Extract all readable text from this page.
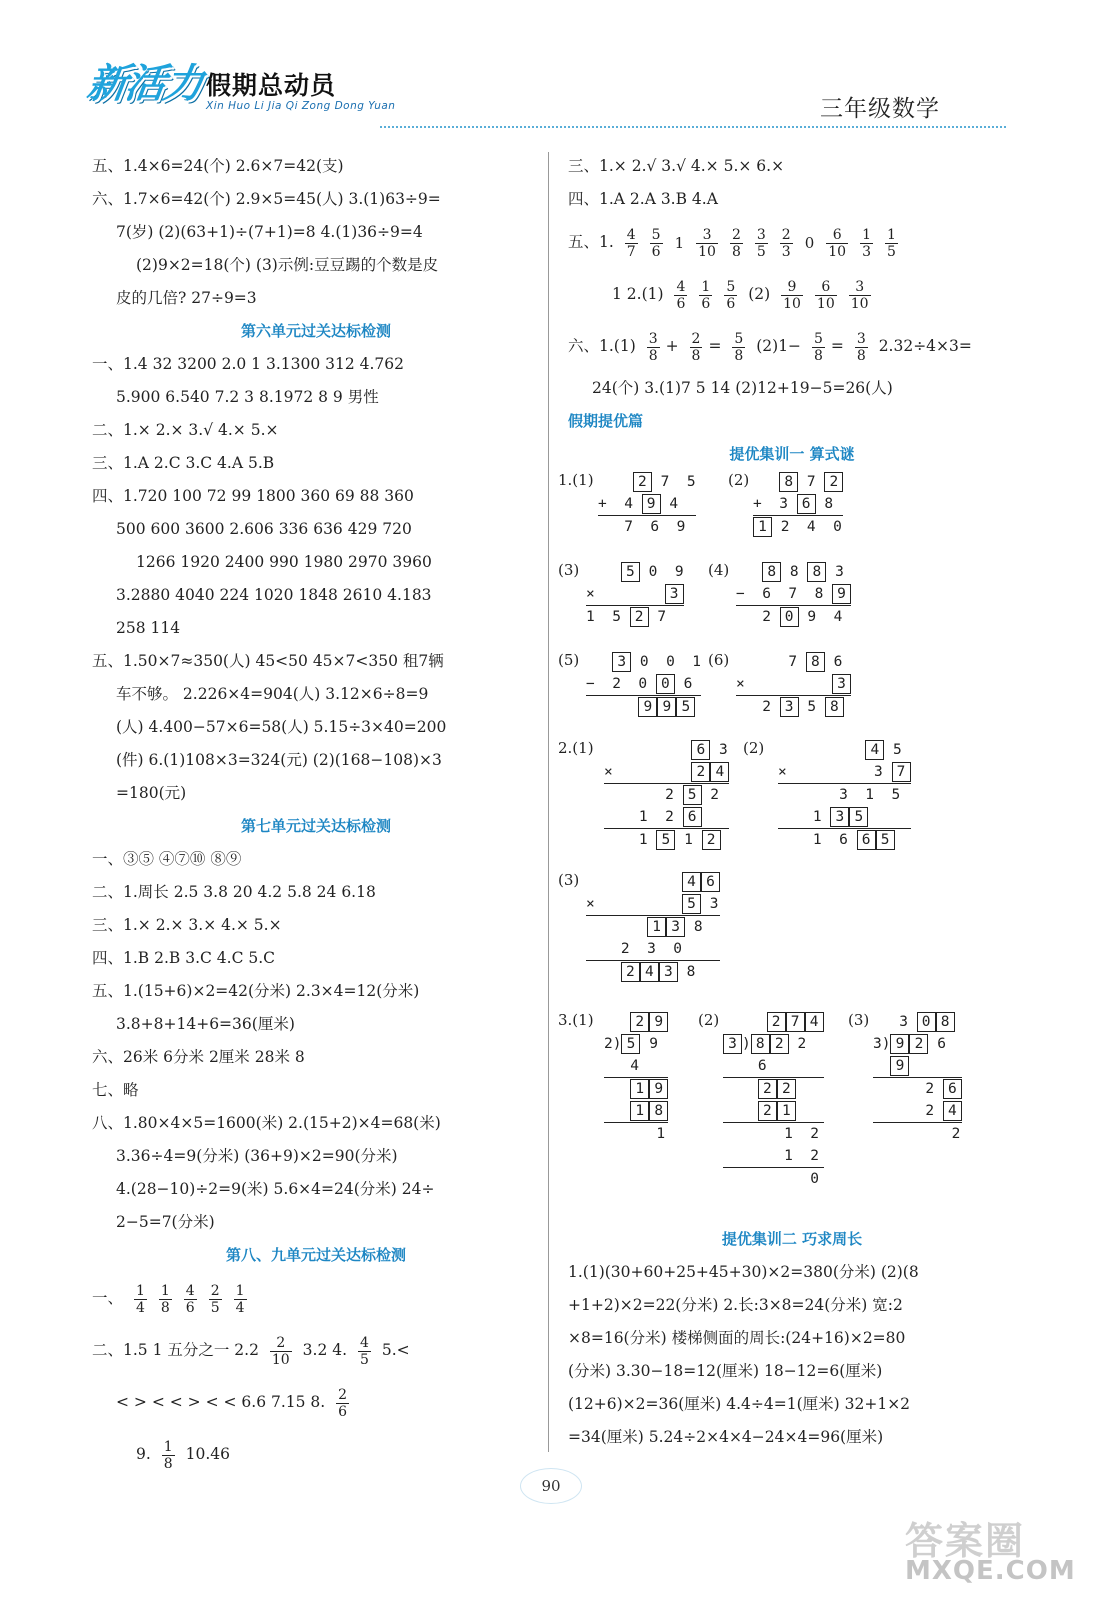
新活力 假期总动员
Xin Huo Li Jia Qi Zong Dong Yuan	三年级数学
五、1.4×6=24(个) 2.6×7=42(支)
六、1.7×6=42(个) 2.9×5=45(人) 3.(1)63÷9=
7(岁) (2)(63+1)÷(7+1)=8 4.(1)36÷9=4
(2)9×2=18(个) (3)示例:豆豆踢的个数是皮
皮的几倍? 27÷9=3
第六单元过关达标检测
一、1.4 32 3200 2.0 1 3.1300 312 4.762
5.900 6.540 7.2 3 8.1972 8 9 男性
二、1.× 2.× 3.√ 4.× 5.×
三、1.A 2.C 3.C 4.A 5.B
四、1.720 100 72 99 1800 360 69 88 360
500 600 3600 2.606 336 636 429 720
1266 1920 2400 990 1980 2970 3960
3.2880 4040 224 1020 1848 2610 4.183
258 114
五、1.50×7≈350(人) 45<50 45×7<350 租7辆
车不够。 2.226×4=904(人) 3.12×6÷8=9
(人) 4.400−57×6=58(人) 5.15÷3×40=200
(件) 6.(1)108×3=324(元) (2)(168−108)×3
=180(元)
第七单元过关达标检测
一、③⑤ ④⑦⑩ ⑧⑨
二、1.周长 2.5 3.8 20 4.2 5.8 24 6.18
三、1.× 2.× 3.× 4.× 5.×
四、1.B 2.B 3.C 4.C 5.C
五、1.(15+6)×2=42(分米) 2.3×4=12(分米)
3.8+8+14+6=36(厘米)
六、26米 6分米 2厘米 28米 8
七、略
八、1.80×4×5=1600(米) 2.(15+2)×4=68(米)
3.36÷4=9(分米) (36+9)×2=90(分米)
4.(28−10)÷2=9(米) 5.6×4=24(分米) 24÷
2−5=7(分米)
第八、九单元过关达标检测
一、 $\frac{1}{4} \frac{1}{8} \frac{4}{6} \frac{2}{5} \frac{1}{4}$
二、1.5 1 五分之一 $2.2 \frac{2}{10} 3.2$ 4. $\frac{4}{5} 5.<$
< > < < > < < 6.6 7.15 8. $\frac{2}{6}$
9. $\frac{1}{8} 10.46$
三、1.× 2.√ 3.√ 4.× 5.× 6.×
四、1.A 2.A 3.B 4.A
五、1. $\frac{4}{7} \frac{5}{6} 1 \frac{3}{10} \frac{2}{8} \frac{3}{5} \frac{2}{3} 0 \frac{6}{10} \frac{1}{3} \frac{1}{5}$
1 $2.(1) \frac{4}{6} \frac{1}{6} \frac{5}{6} (2) \frac{9}{10} \frac{6}{10} \frac{3}{10}$
六、$1.(1) \frac{3}{8} + \frac{2}{8} = \frac{5}{8} (2)1- \frac{5}{8} = \frac{3}{8} 2.32\div 4\times 3=$
24(个) 3.(1)7 5 14 (2)12+19−5=26(人)
假期提优篇
提优集训一 算式谜
1.(1)	2 7  5
+  4 9 4
7  6  9
(2)	8 7 2
+  3 6 8
1 2  4  0
(3)	5 0  9
×        3
1  5 2 7
(4)	8 8 8 3
−  6  7  8 9
2 0 9  4
(5)	3 0  0  1
−  2  0 0 6
9 9 5
(6) 7 8 6
×          3
2 3 5 8
2.(1)	6 3
×         2 4
2 5 2
1  2 6
1 5 1 2
(2)	4 5
×          3 7
3  1  5
1 3 5
1  6 6 5
(3)	4 6
×          5 3
1 3 8
2  3  0
2 4 3 8
3.(1)	2 9
2) 5 9
4
1 9
1 8
1
(2)	2 7 4
3 ) 8 2 2
6
2 2
2 1
1  2
1  2
0
(3) 3 0 8
3) 9 2 6
9
2 6
2 4
2
提优集训二 巧求周长
1.(1)(30+60+25+45+30)×2=380(分米) (2)(8
+1+2)×2=22(分米) 2.长:3×8=24(分米) 宽:2
×8=16(分米) 楼梯侧面的周长:(24+16)×2=80
(分米) 3.30−18=12(厘米) 18−12=6(厘米)
(12+6)×2=36(厘米) 4.4÷4=1(厘米) 32+1×2
=34(厘米) 5.24÷2×4×4−24×4=96(厘米)
90
答案圈
MXQE.COM
